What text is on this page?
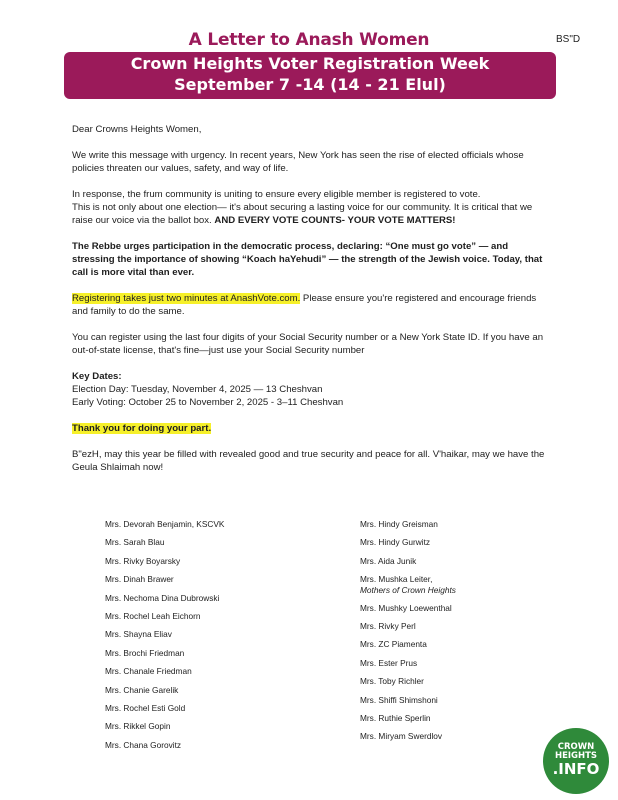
BS"D
A Letter to Anash Women
Crown Heights Voter Registration Week
September 7 -14 (14 - 21 Elul)

Dear Crowns Heights Women,

We write this message with urgency. In recent years, New York has seen the rise of elected officials whose policies threaten our values, safety, and way of life.

In response, the frum community is uniting to ensure every eligible member is registered to vote.
This is not only about one election— it's about securing a lasting voice for our community. It is critical that we raise our voice via the ballot box. AND EVERY VOTE COUNTS- YOUR VOTE MATTERS!

The Rebbe urges participation in the democratic process, declaring: “One must go vote” — and stressing the importance of showing “Koach haYehudi” — the strength of the Jewish voice. Today, that call is more vital than ever.

Registering takes just two minutes at AnashVote.com. Please ensure you're registered and encourage friends and family to do the same.

You can register using the last four digits of your Social Security number or a New York State ID. If you have an out-of-state license, that's fine—just use your Social Security number

Key Dates:
Election Day: Tuesday, November 4, 2025 — 13 Cheshvan
Early Voting: October 25 to November 2, 2025 - 3–11 Cheshvan

Thank you for doing your part.

B"ezH, may this year be filled with revealed good and true security and peace for all. V'haikar, may we have the Geula Shlaimah now!

Mrs. Devorah Benjamin, KSCVK
Mrs. Sarah Blau
Mrs. Rivky Boyarsky
Mrs. Dinah Brawer
Mrs. Nechoma Dina Dubrowski
Mrs. Rochel Leah Eichorn
Mrs. Shayna Eliav
Mrs. Brochi Friedman
Mrs. Chanale Friedman
Mrs. Chanie Garelik
Mrs. Rochel Esti Gold
Mrs. Rikkel Gopin
Mrs. Chana Gorovitz
Mrs. Hindy Greisman
Mrs. Hindy Gurwitz
Mrs. Aida Junik
Mrs. Mushka Leiter,
Mothers of Crown Heights
Mrs. Mushky Loewenthal
Mrs. Rivky Perl
Mrs. ZC Piamenta
Mrs. Ester Prus
Mrs. Toby Richler
Mrs. Shiffi Shimshoni
Mrs. Ruthie Sperlin
Mrs. Miryam Swerdlov
CROWN
HEIGHTS
.INFO
